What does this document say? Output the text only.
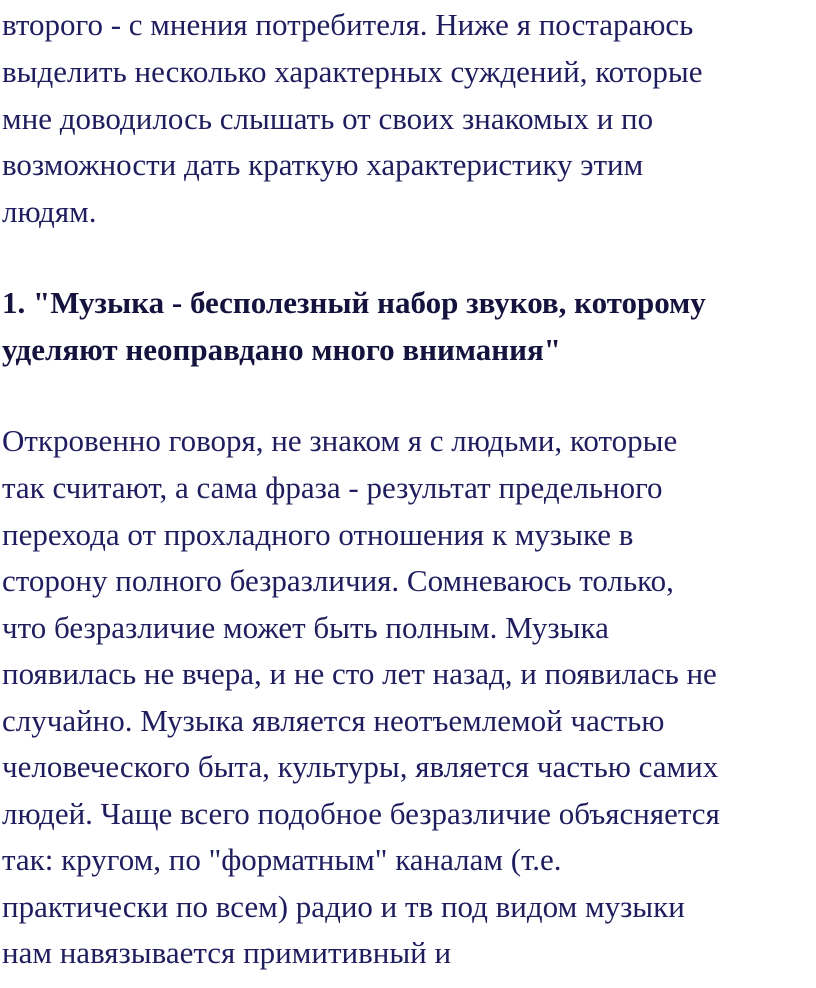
второго - с мнения потребителя. Ниже я постараюсь
выделить несколько характерных суждений, которые
мне доводилось слышать от своих знакомых и по
возможности дать краткую характеристику этим
людям.
1. "Музыка - бесполезный набор звуков, которому
уделяют неоправдано много внимания"
Откровенно говоря, не знаком я с людьми, которые
так считают, а сама фраза - результат предельного
перехода от прохладного отношения к музыке в
сторону полного безразличия. Сомневаюсь только,
что безразличие может быть полным. Музыка
появилась не вчера, и не сто лет назад, и появилась не
случайно. Музыка является неотъемлемой частью
человеческого быта, культуры, является частью самих
людей. Чаще всего подобное безразличие объясняется
так: кругом, по "форматным" каналам (т.е.
практически по всем) радио и тв под видом музыки
нам навязывается примитивный и
